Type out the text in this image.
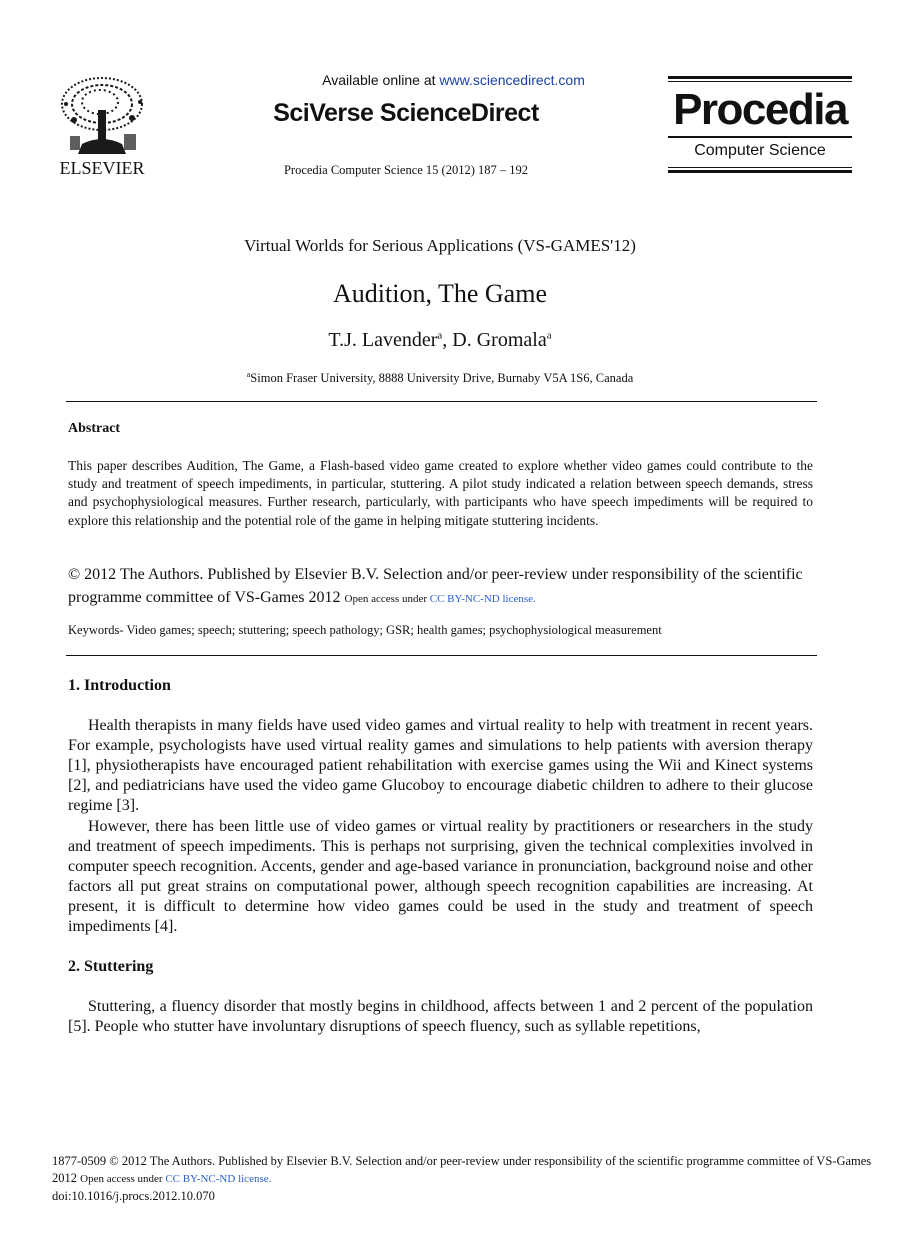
ELSEVIER
Available online at www.sciencedirect.com
SciVerse ScienceDirect
Procedia Computer Science 15 (2012) 187 – 192
Procedia
Computer Science
Virtual Worlds for Serious Applications (VS-GAMES'12)
Audition, The Game
T.J. Lavender$^a$, D. Gromala$^a$
$^a$Simon Fraser University, 8888 University Drive, Burnaby V5A 1S6, Canada
Abstract
This paper describes Audition, The Game, a Flash-based video game created to explore whether video games could contribute to the study and treatment of speech impediments, in particular, stuttering. A pilot study indicated a relation between speech demands, stress and psychophysiological measures. Further research, particularly, with participants who have speech impediments will be required to explore this relationship and the potential role of the game in helping mitigate stuttering incidents.
© 2012 The Authors. Published by Elsevier B.V. Selection and/or peer-review under responsibility of the scientific programme committee of VS-Games 2012 Open access under CC BY-NC-ND license.
Keywords- Video games; speech; stuttering; speech pathology; GSR; health games; psychophysiological measurement
1. Introduction
Health therapists in many fields have used video games and virtual reality to help with treatment in recent years. For example, psychologists have used virtual reality games and simulations to help patients with aversion therapy [1], physiotherapists have encouraged patient rehabilitation with exercise games using the Wii and Kinect systems [2], and pediatricians have used the video game Glucoboy to encourage diabetic children to adhere to their glucose regime [3].
However, there has been little use of video games or virtual reality by practitioners or researchers in the study and treatment of speech impediments. This is perhaps not surprising, given the technical complexities involved in computer speech recognition. Accents, gender and age-based variance in pronunciation, background noise and other factors all put great strains on computational power, although speech recognition capabilities are increasing. At present, it is difficult to determine how video games could be used in the study and treatment of speech impediments [4].
2. Stuttering
Stuttering, a fluency disorder that mostly begins in childhood, affects between 1 and 2 percent of the population [5]. People who stutter have involuntary disruptions of speech fluency, such as syllable repetitions,
1877-0509 © 2012 The Authors. Published by Elsevier B.V. Selection and/or peer-review under responsibility of the scientific programme committee of VS-Games 2012 Open access under CC BY-NC-ND license.
doi:10.1016/j.procs.2012.10.070
